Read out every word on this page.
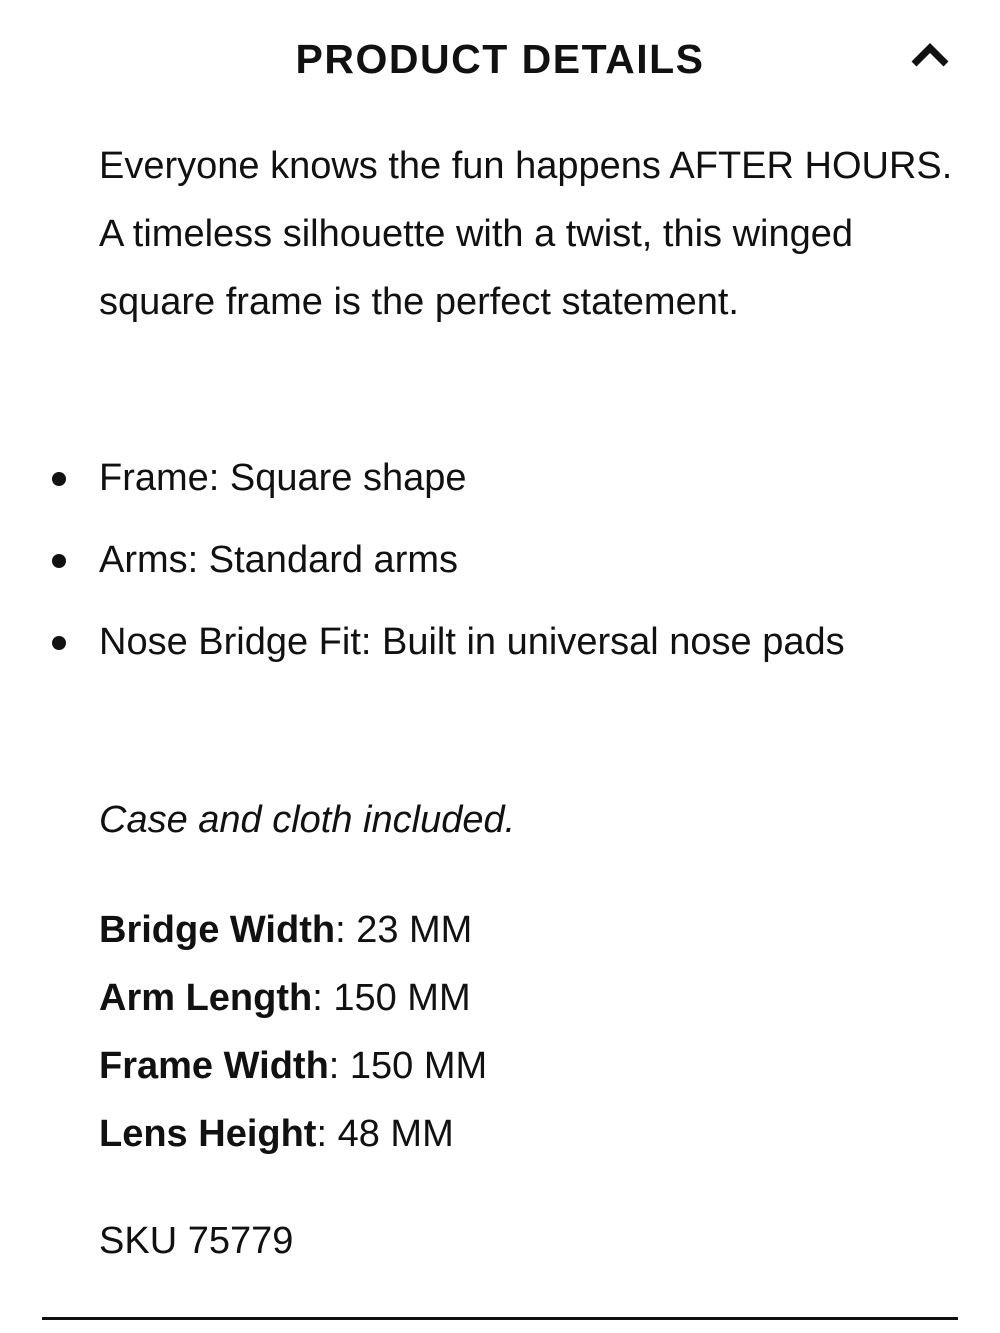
PRODUCT DETAILS

Everyone knows the fun happens AFTER HOURS. A timeless silhouette with a twist, this winged square frame is the perfect statement.

Frame: Square shape
Arms: Standard arms
Nose Bridge Fit: Built in universal nose pads

Case and cloth included.

Bridge Width: 23 MM
Arm Length: 150 MM
Frame Width: 150 MM
Lens Height: 48 MM

SKU 75779
